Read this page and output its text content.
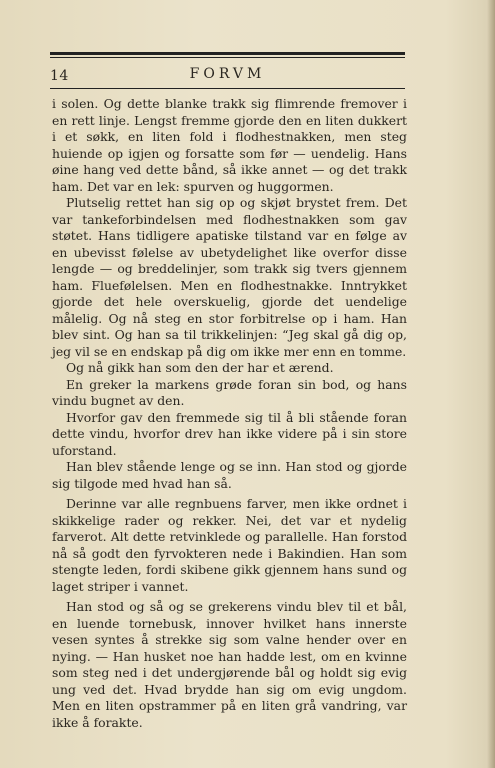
14	FORVM

i solen. Og dette blanke trakk sig flimrende fremover i en rett linje. Lengst fremme gjorde den en liten dukkert i et søkk, en liten fold i flodhestnakken, men steg huiende op igjen og forsatte som før — uendelig. Hans øine hang ved dette bånd, så ikke annet — og det trakk ham. Det var en lek: spurven og huggormen.

Plutselig rettet han sig op og skjøt brystet frem. Det var tankeforbindelsen med flodhestnakken som gav støtet. Hans tidligere apatiske tilstand var en følge av en ubevisst følelse av ubetydelighet like overfor disse lengde — og breddelinjer, som trakk sig tvers gjennem ham. Fluefølelsen. Men en flodhestnakke. Inntrykket gjorde det hele overskuelig, gjorde det uendelige målelig. Og nå steg en stor forbitrelse op i ham. Han blev sint. Og han sa til trikkelinjen: “Jeg skal gå dig op, jeg vil se en endskap på dig om ikke mer enn en tomme.

Og nå gikk han som den der har et ærend.

En greker la markens grøde foran sin bod, og hans vindu bugnet av den.

Hvorfor gav den fremmede sig til å bli stående foran dette vindu, hvorfor drev han ikke videre på i sin store uforstand.

Han blev stående lenge og se inn. Han stod og gjorde sig tilgode med hvad han så.

Derinne var alle regnbuens farver, men ikke ordnet i skikkelige rader og rekker. Nei, det var et nydelig farverot. Alt dette retvinklede og parallelle. Han forstod nå så godt den fyrvokteren nede i Bakindien. Han som stengte leden, fordi skibene gikk gjennem hans sund og laget striper i vannet.

Han stod og så og se grekerens vindu blev til et bål, en luende tornebusk, innover hvilket hans innerste vesen syntes å strekke sig som valne hender over en nying. — Han husket noe han hadde lest, om en kvinne som steg ned i det undergjørende bål og holdt sig evig ung ved det. Hvad brydde han sig om evig ungdom. Men en liten opstrammer på en liten grå vandring, var ikke å forakte.
